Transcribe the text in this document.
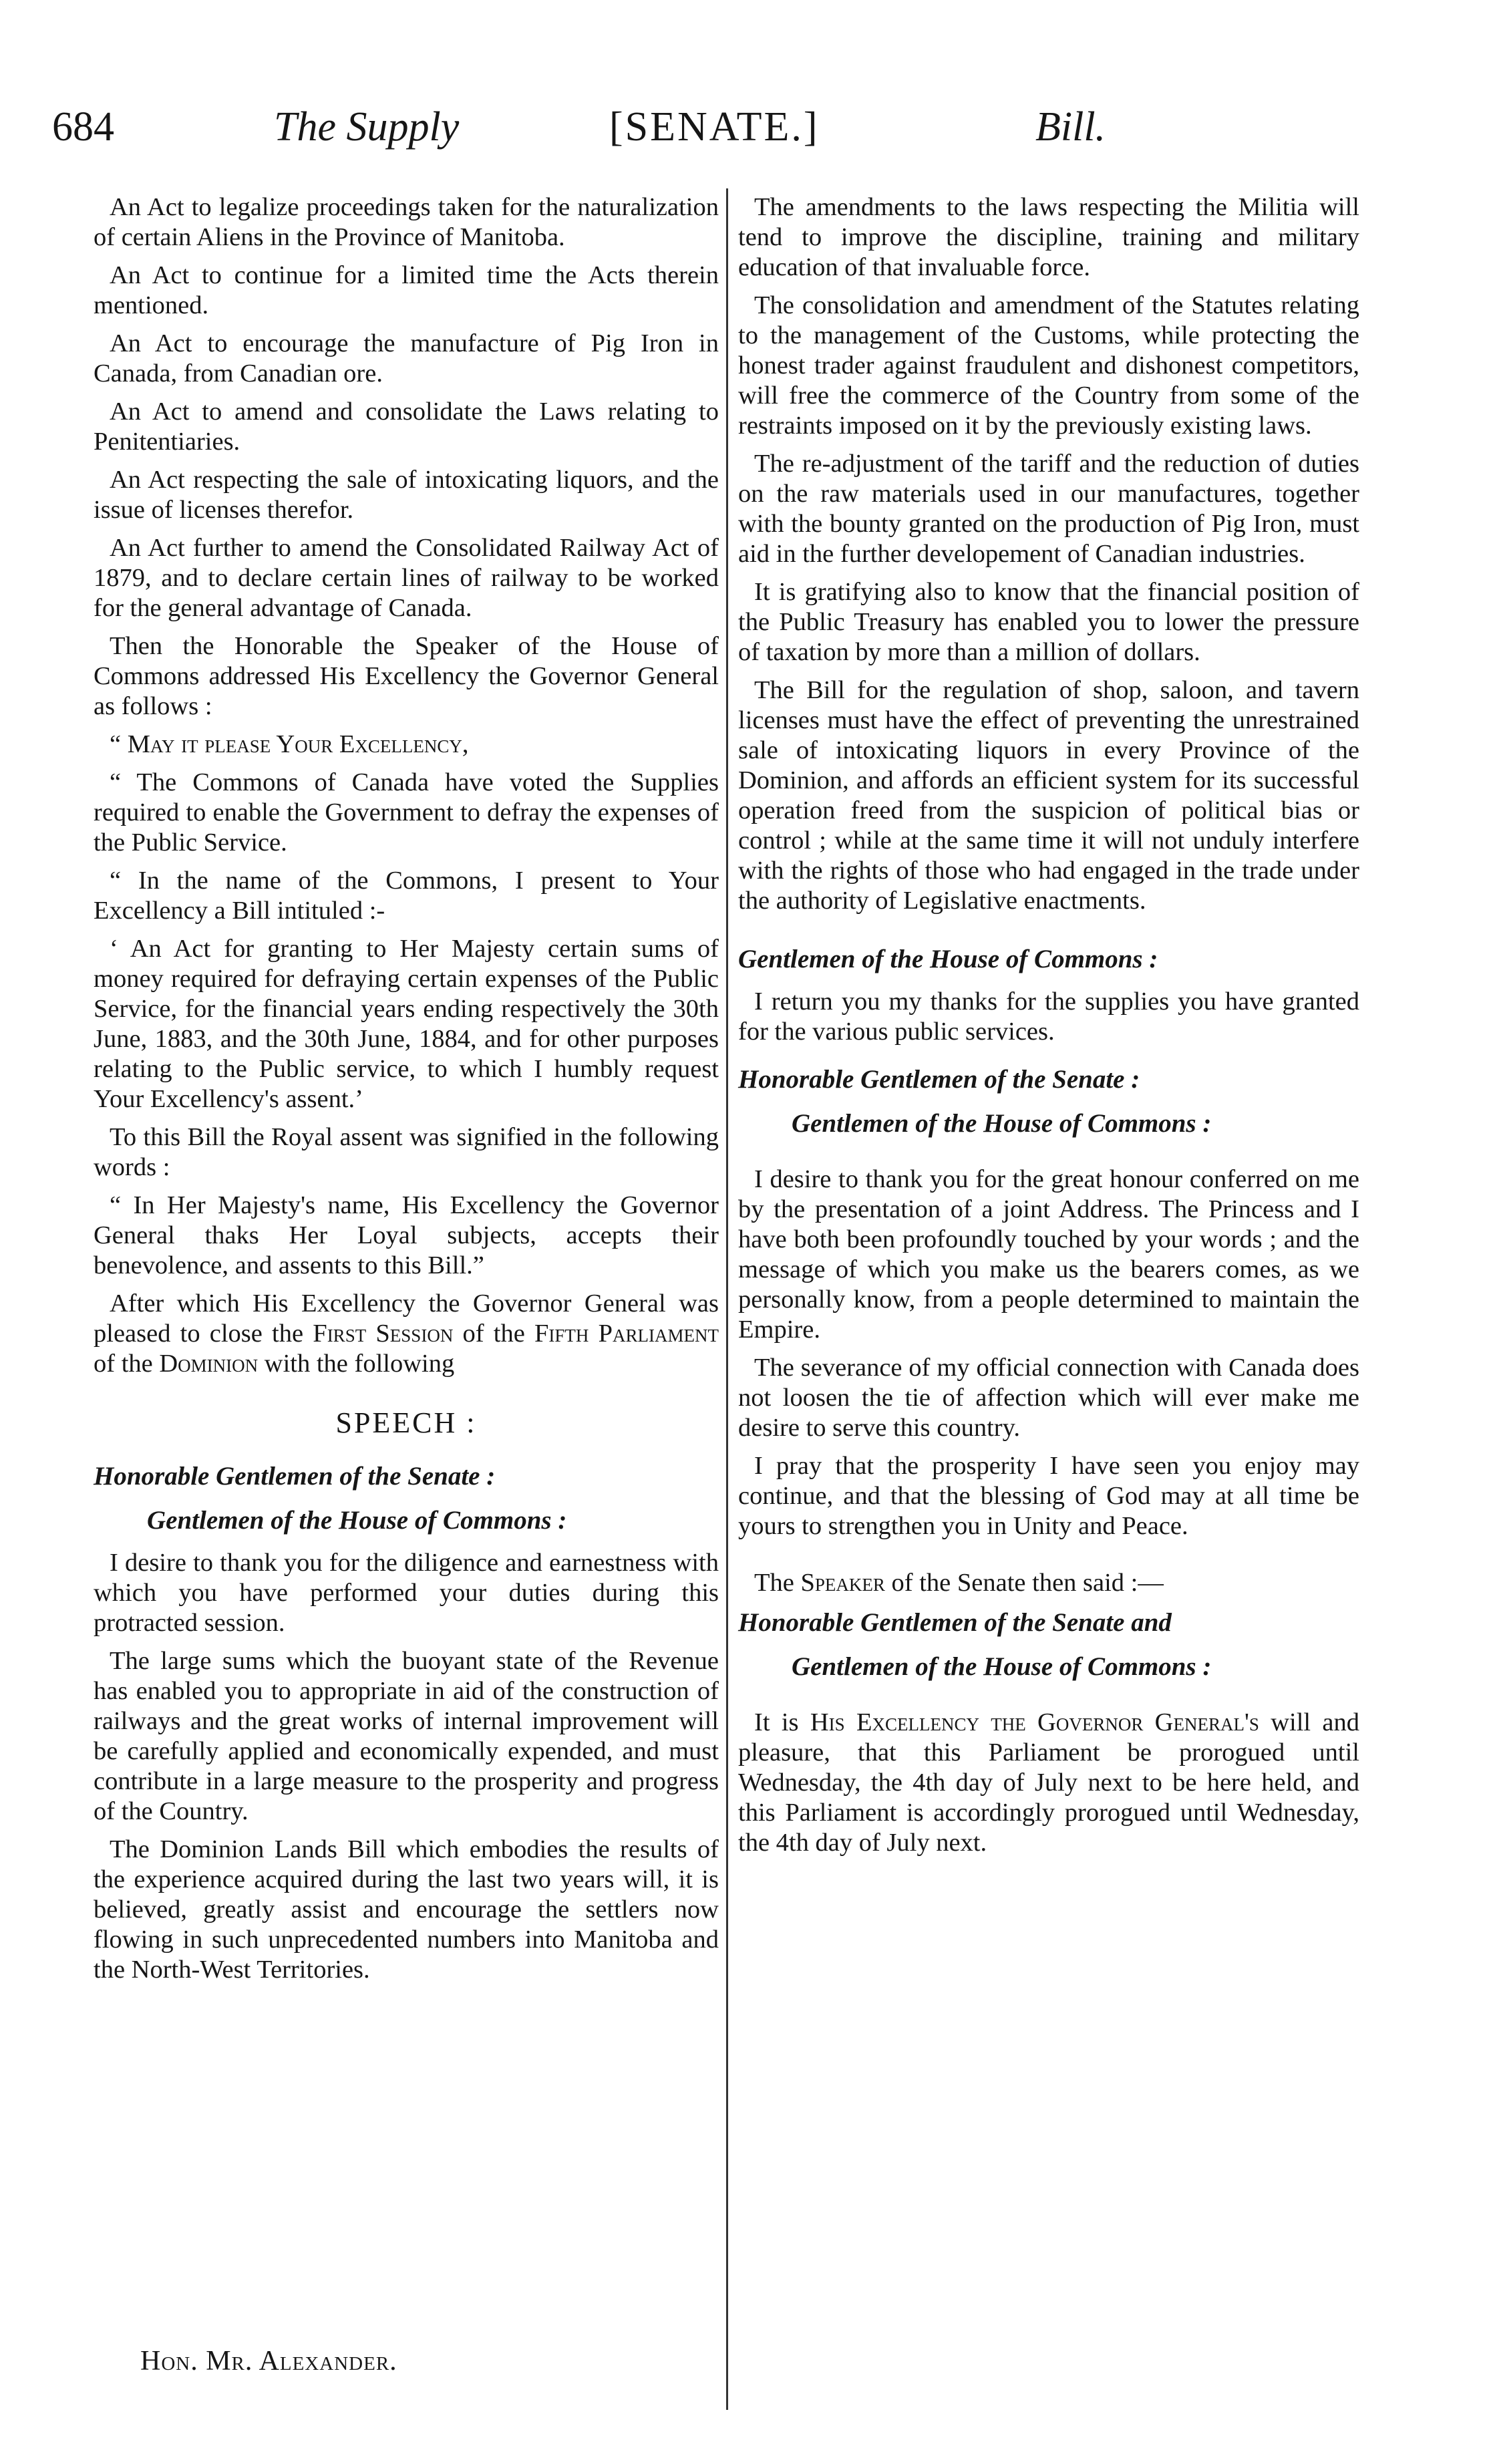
684	The Supply	[SENATE.]	Bill.

An Act to legalize proceedings taken for the naturalization of certain Aliens in the Province of Manitoba.

An Act to continue for a limited time the Acts therein mentioned.

An Act to encourage the manufacture of Pig Iron in Canada, from Canadian ore.

An Act to amend and consolidate the Laws relating to Penitentiaries.

An Act respecting the sale of intoxicating liquors, and the issue of licenses therefor.

An Act further to amend the Consolidated Railway Act of 1879, and to declare certain lines of railway to be worked for the general advantage of Canada.

Then the Honorable the Speaker of the House of Commons addressed His Excellency the Governor General as follows :

“ May it please Your Excellency,

“ The Commons of Canada have voted the Supplies required to enable the Government to defray the expenses of the Public Service.

“ In the name of the Commons, I present to Your Excellency a Bill intituled :-

‘ An Act for granting to Her Majesty certain sums of money required for defraying certain expenses of the Public Service, for the financial years ending respectively the 30th June, 1883, and the 30th June, 1884, and for other purposes relating to the Public service, to which I humbly request Your Excellency's assent.’

To this Bill the Royal assent was signified in the following words :

“ In Her Majesty's name, His Excellency the Governor General thaks Her Loyal subjects, accepts their benevolence, and assents to this Bill.”

After which His Excellency the Governor General was pleased to close the First Session of the Fifth Parliament of the Dominion with the following

SPEECH :
Honorable Gentlemen of the Senate :
Gentlemen of the House of Commons :

I desire to thank you for the diligence and earnestness with which you have performed your duties during this protracted session.

The large sums which the buoyant state of the Revenue has enabled you to appropriate in aid of the construction of railways and the great works of internal improvement will be carefully applied and economically expended, and must contribute in a large measure to the prosperity and progress of the Country.

The Dominion Lands Bill which embodies the results of the experience acquired during the last two years will, it is believed, greatly assist and encourage the settlers now flowing in such unprecedented numbers into Manitoba and the North-West Territories.

The amendments to the laws respecting the Militia will tend to improve the discipline, training and military education of that invaluable force.

The consolidation and amendment of the Statutes relating to the management of the Customs, while protecting the honest trader against fraudulent and dishonest competitors, will free the commerce of the Country from some of the restraints imposed on it by the previously existing laws.

The re-adjustment of the tariff and the reduction of duties on the raw materials used in our manufactures, together with the bounty granted on the production of Pig Iron, must aid in the further developement of Canadian industries.

It is gratifying also to know that the financial position of the Public Treasury has enabled you to lower the pressure of taxation by more than a million of dollars.

The Bill for the regulation of shop, saloon, and tavern licenses must have the effect of preventing the unrestrained sale of intoxicating liquors in every Province of the Dominion, and affords an efficient system for its successful operation freed from the suspicion of political bias or control ; while at the same time it will not unduly interfere with the rights of those who had engaged in the trade under the authority of Legislative enactments.

Gentlemen of the House of Commons :

I return you my thanks for the supplies you have granted for the various public services.

Honorable Gentlemen of the Senate :
Gentlemen of the House of Commons :

I desire to thank you for the great honour conferred on me by the presentation of a joint Address. The Princess and I have both been profoundly touched by your words ; and the message of which you make us the bearers comes, as we personally know, from a people determined to maintain the Empire.

The severance of my official connection with Canada does not loosen the tie of affection which will ever make me desire to serve this country.

I pray that the prosperity I have seen you enjoy may continue, and that the blessing of God may at all time be yours to strengthen you in Unity and Peace.

The Speaker of the Senate then said :—

Honorable Gentlemen of the Senate and
Gentlemen of the House of Commons :

It is His Excellency the Governor General's will and pleasure, that this Parliament be prorogued until Wednesday, the 4th day of July next to be here held, and this Parliament is accordingly prorogued until Wednesday, the 4th day of July next.

Hon. Mr. Alexander.
